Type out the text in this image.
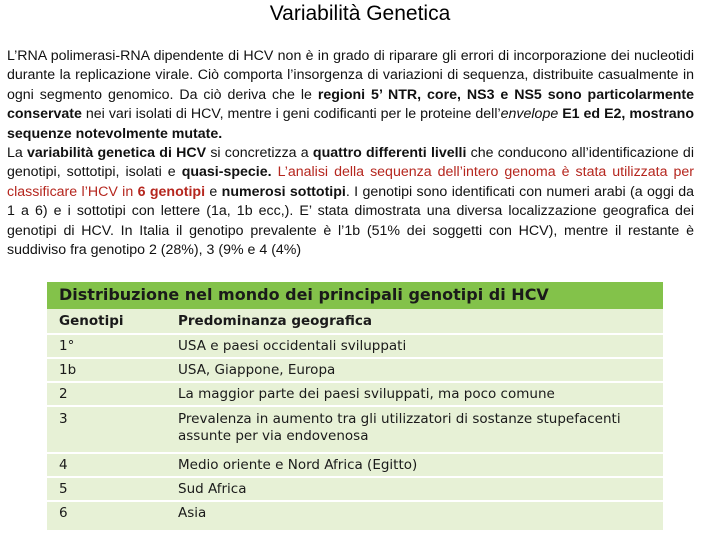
Variabilità Genetica

L’RNA polimerasi-RNA dipendente di HCV non è in grado di riparare gli errori di incorporazione dei nucleotidi durante la replicazione virale. Ciò comporta l’insorgenza di variazioni di sequenza, distribuite casualmente in ogni segmento genomico. Da ciò deriva che le regioni 5’ NTR, core, NS3 e NS5 sono particolarmente conservate nei vari isolati di HCV, mentre i geni codificanti per le proteine dell’envelope E1 ed E2, mostrano sequenze notevolmente mutate.

La variabilità genetica di HCV si concretizza a quattro differenti livelli che conducono all’identificazione di genotipi, sottotipi, isolati e quasi-specie. L’analisi della sequenza dell’intero genoma è stata utilizzata per classificare l’HCV in 6 genotipi e numerosi sottotipi. I genotipi sono identificati con numeri arabi (a oggi da 1 a 6) e i sottotipi con lettere (1a, 1b ecc,). E’ stata dimostrata una diversa localizzazione geografica dei genotipi di HCV. In Italia il genotipo prevalente è l’1b (51% dei soggetti con HCV), mentre il restante è suddiviso fra genotipo 2 (28%), 3 (9% e 4 (4%)

Distribuzione nel mondo dei principali genotipi di HCV
Genotipi	Predominanza geografica
1°	USA e paesi occidentali sviluppati
1b	USA, Giappone, Europa
2	La maggior parte dei paesi sviluppati, ma poco comune
3	Prevalenza in aumento tra gli utilizzatori di sostanze stupefacenti assunte per via endovenosa
4	Medio oriente e Nord Africa (Egitto)
5	Sud Africa
6	Asia
